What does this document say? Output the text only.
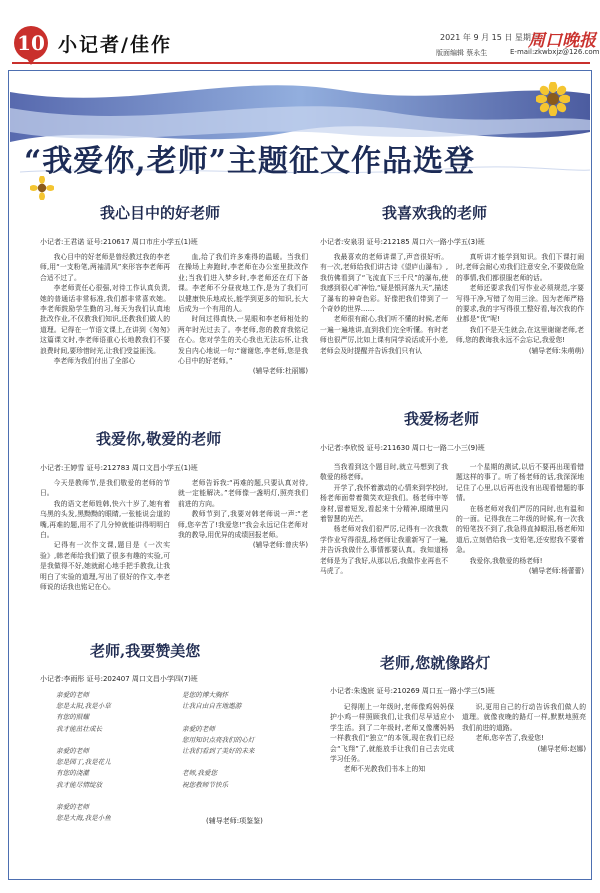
10 小记者/佳作	2021 年 9 月 15 日 星期三
周口晚报
版面编辑 蔡永生	E-mail:zkwbxjz@126.com
“我爱你,老师”主题征文作品选登
我心目中的好老师
小记者:王君诺 证号:210617 周口市庄小学五(1)班

我心目中的好老师是曾经教过我的李老师,用“一支粉笔,两袖清风”来形容李老师再合适不过了。

李老师责任心很强,对待工作认真负责,她的普通话非常标准,我们都非常喜欢她。李老师鼓励学生勤的习,每天为我们认真地批改作业,不仅教我们知识,还教我们做人的道理。记得在一节语文课上,在讲到《匆匆》这篇课文时,李老师语重心长地教我们不要浪费时间,要珍惜时光,让我们受益匪浅。

李老师为我们付出了全部心

血,给了我们许多难得的温暖。当我们在操场上奔跑时,李老师在办公室里批改作业;当我们进入梦乡时,李老师还在灯下备课。李老师不分昼夜地工作,是为了我们可以健康快乐地成长,能学到更多的知识,长大后成为一个有用的人。

时间过得真快,一晃眼和李老师相处的两年时光过去了。李老师,您的教育我铭记在心。您对学生的关心我也无法忘怀,让我发自内心地说一句:“谢谢您,李老师,您是我心目中的好老师。”

(辅导老师:杜丽娜)

我喜欢我的老师
小记者:安泉羽 证号:212185 周口六一路小学五(3)班

我最喜欢的老师讲课了,声音很好听。有一次,老师给我们讲古诗《望庐山瀑布》,我仿佛看到了“飞流直下三千尺”的瀑布,使我感到很心旷神怡,“疑是银河落九天”,描述了瀑布的神奇色彩。好像把我们带到了一个奇妙的世界……

老师很有耐心,我们听不懂的时候,老师一遍一遍地讲,直到我们完全听懂。有时老师也很严厉,比如上课有同学说话或开小差,老师会及时提醒并告诉我们只有认

真听讲才能学到知识。我们下课打闹时,老师会耐心劝我们注意安全,不要做危险的事情,我们都很服老师的话。

老师还要求我们写作业必须规范,字要写得干净,写错了勿用三涂。因为老师严格的要求,我的字写得很工整好看,每次我的作业都是“优”呢!

我们不是天生就会,在这里谢谢老师,老师,您的教诲我永远不会忘记,我爱您!

(辅导老师:朱萌萌)

我爱你,敬爱的老师
小记者:王婷雪 证号:212783 周口文昌小学五(1)班

今天是教师节,是我们敬爱的老师的节日。

我的语文老师姓韩,快六十岁了,她有着乌黑的头发,黑黝黝的眼睛,一张能说会道的嘴,再难的题,用不了几分钟就能讲得明明白白。

记得有一次作文课,题目是《一次实验》,韩老师给我们做了很多有趣的实验,可是我做得不好,她就耐心地手把手教我,让我明白了实验的道理,写出了很好的作文,李老师说的话我也铭记在心。

老师告诉我:“再难的题,只要认真对待,就一定能解决。”老师像一盏明灯,照亮我们前进的方向。

教师节到了,我要对韩老师说一声:“老师,您辛苦了!我爱您!”我会永远记住老师对我的教导,用优异的成绩回报老师。

(辅导老师:曾庆华)

我爱杨老师
小记者:李欣悦 证号:211630 周口七一路二小三(9)班

当我看到这个题目时,就立马想到了我敬爱的杨老师。

开学了,我怀着激动的心情来到学校时,杨老师面带着微笑欢迎我们。杨老师中等身材,留着短发,看起来十分精神,眼睛里闪着智慧的光芒。

杨老师对我们很严厉,记得有一次我数学作业写得很乱,杨老师让我重新写了一遍,并告诉我做什么事情都要认真。我知道杨老师是为了我好,从那以后,我做作业再也不马虎了。

一个星期的测试,以后不要再出现看错题这样的事了。听了杨老师的话,我深深地记住了心里,以后再也没有出现看错题的事情。

在杨老师对我们严厉的同时,也有温和的一面。记得我在二年级的时候,有一次我的铅笔找不到了,我急得直掉眼泪,杨老师知道后,立刻借给我一支铅笔,还安慰我不要着急。

我爱你,我敬爱的杨老师!

(辅导老师:杨蕾蕾)

老师,我要赞美您
小记者:李雨彤 证号:202407 周口文昌小学四(7)班
亲爱的老师
您是太阳,我是小草
有您的照耀
我才能茁壮成长

亲爱的老师
您是园丁,我是花儿
有您的浇灌
我才能尽情绽放

亲爱的老师
您是大海,我是小鱼
是您的博大胸怀
让我自由自在地遨游

亲爱的老师
您用知识点亮我们的心灯
让我们看到了美好的未来

老师,我爱您
祝您教师节快乐
(辅导老师:项鉴鉴)
老师,您就像路灯
小记者:朱逸宸 证号:210269 周口五一路小学三(5)班

记得刚上一年级时,老师像鸡妈妈保护小鸡一样照顾我们,让我们尽早适应小学生活。到了二年级时,老师又像鹰妈妈一样教我们“独立”的本领,现在我们已经会“飞翔”了,就能放手让我们自己去完成学习任务。

老师不光教我们书本上的知

识,更用自己的行动告诉我们做人的道理。就像夜晚的路灯一样,默默地照亮我们前进的道路。

老师,您辛苦了,我爱您!

(辅导老师:赵娜)
